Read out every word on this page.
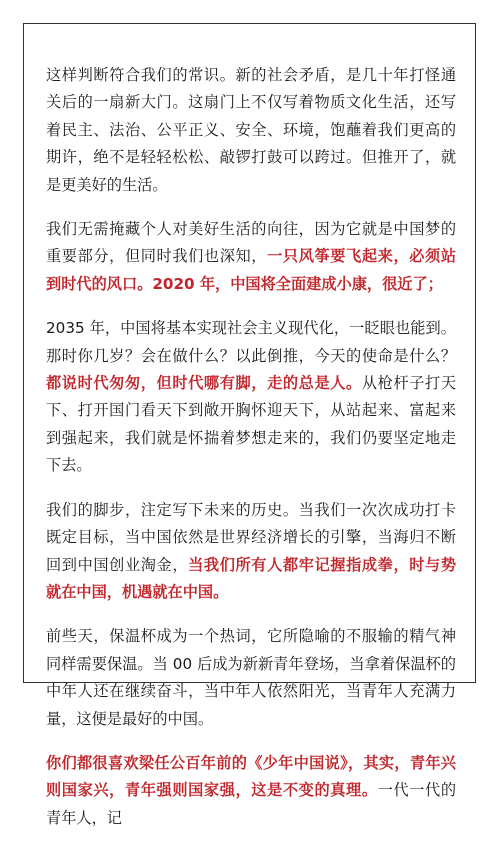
这样判断符合我们的常识。新的社会矛盾，是几十年打怪通关后的一扇新大门。这扇门上不仅写着物质文化生活，还写着民主、法治、公平正义、安全、环境，饱蘸着我们更高的期许，绝不是轻轻松松、敲锣打鼓可以跨过。但推开了，就是更美好的生活。

我们无需掩藏个人对美好生活的向往，因为它就是中国梦的重要部分，但同时我们也深知，一只风筝要飞起来，必须站到时代的风口。2020 年，中国将全面建成小康，很近了；

2035 年，中国将基本实现社会主义现代化，一眨眼也能到。那时你几岁？会在做什么？以此倒推，今天的使命是什么？都说时代匆匆，但时代哪有脚，走的总是人。从枪杆子打天下、打开国门看天下到敞开胸怀迎天下，从站起来、富起来到强起来，我们就是怀揣着梦想走来的，我们仍要坚定地走下去。

我们的脚步，注定写下未来的历史。当我们一次次成功打卡既定目标，当中国依然是世界经济增长的引擎，当海归不断回到中国创业淘金，当我们所有人都牢记握指成拳，时与势就在中国，机遇就在中国。

前些天，保温杯成为一个热词，它所隐喻的不服输的精气神同样需要保温。当 00 后成为新新青年登场，当拿着保温杯的中年人还在继续奋斗，当中年人依然阳光，当青年人充满力量，这便是最好的中国。

你们都很喜欢梁任公百年前的《少年中国说》，其实，青年兴则国家兴，青年强则国家强，这是不变的真理。一代一代的青年人，记
